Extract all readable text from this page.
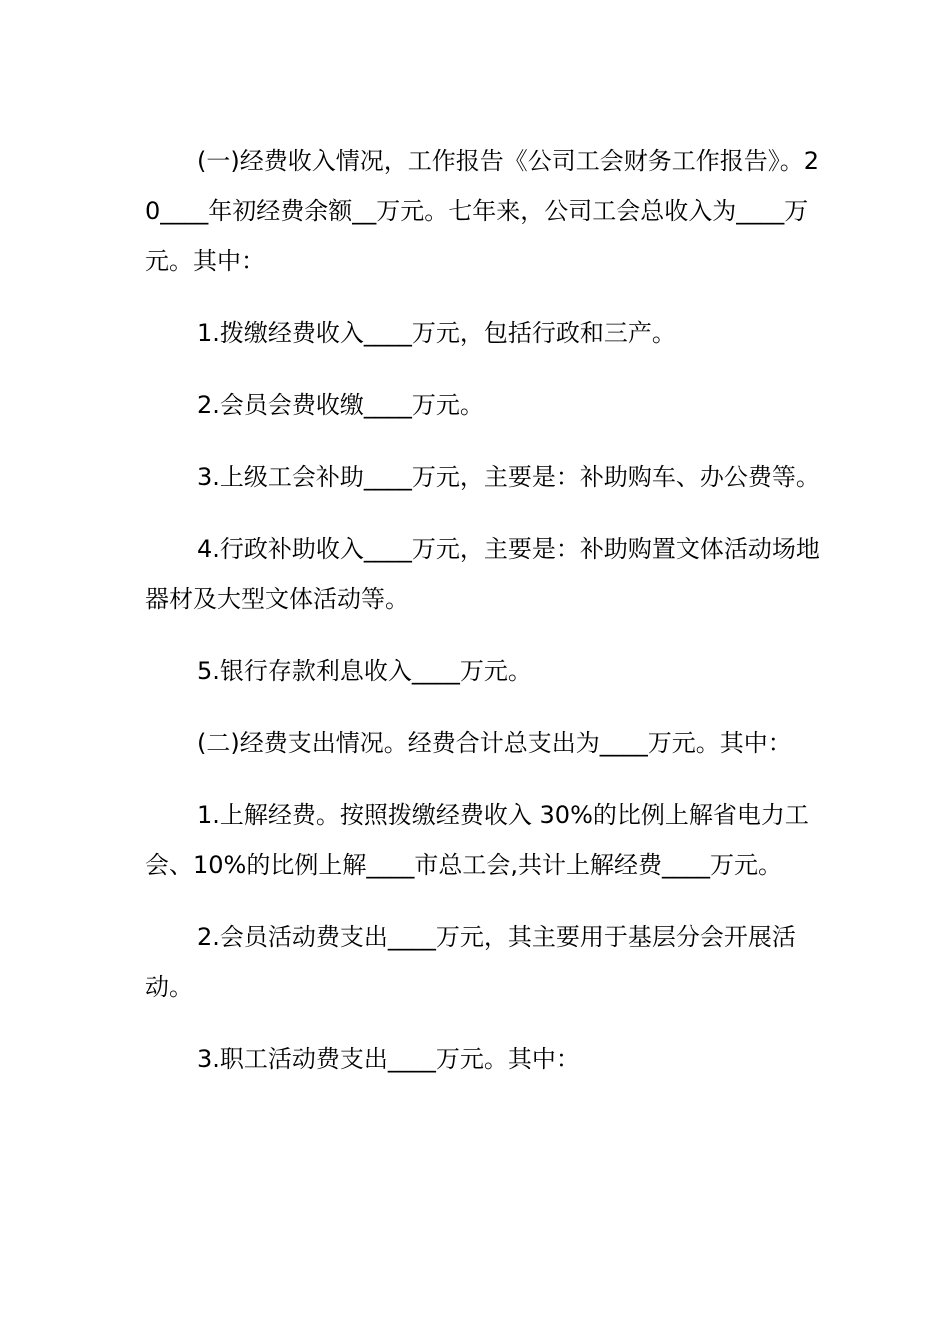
(一)经费收入情况，工作报告《公司工会财务工作报告》。20____年初经费余额__万元。七年来，公司工会总收入为____万元。其中：

1.拨缴经费收入____万元，包括行政和三产。

2.会员会费收缴____万元。

3.上级工会补助____万元，主要是：补助购车、办公费等。

4.行政补助收入____万元，主要是：补助购置文体活动场地器材及大型文体活动等。

5.银行存款利息收入____万元。

(二)经费支出情况。经费合计总支出为____万元。其中：

1.上解经费。按照拨缴经费收入 30%的比例上解省电力工会、10%的比例上解____市总工会,共计上解经费____万元。

2.会员活动费支出____万元，其主要用于基层分会开展活动。

3.职工活动费支出____万元。其中：
